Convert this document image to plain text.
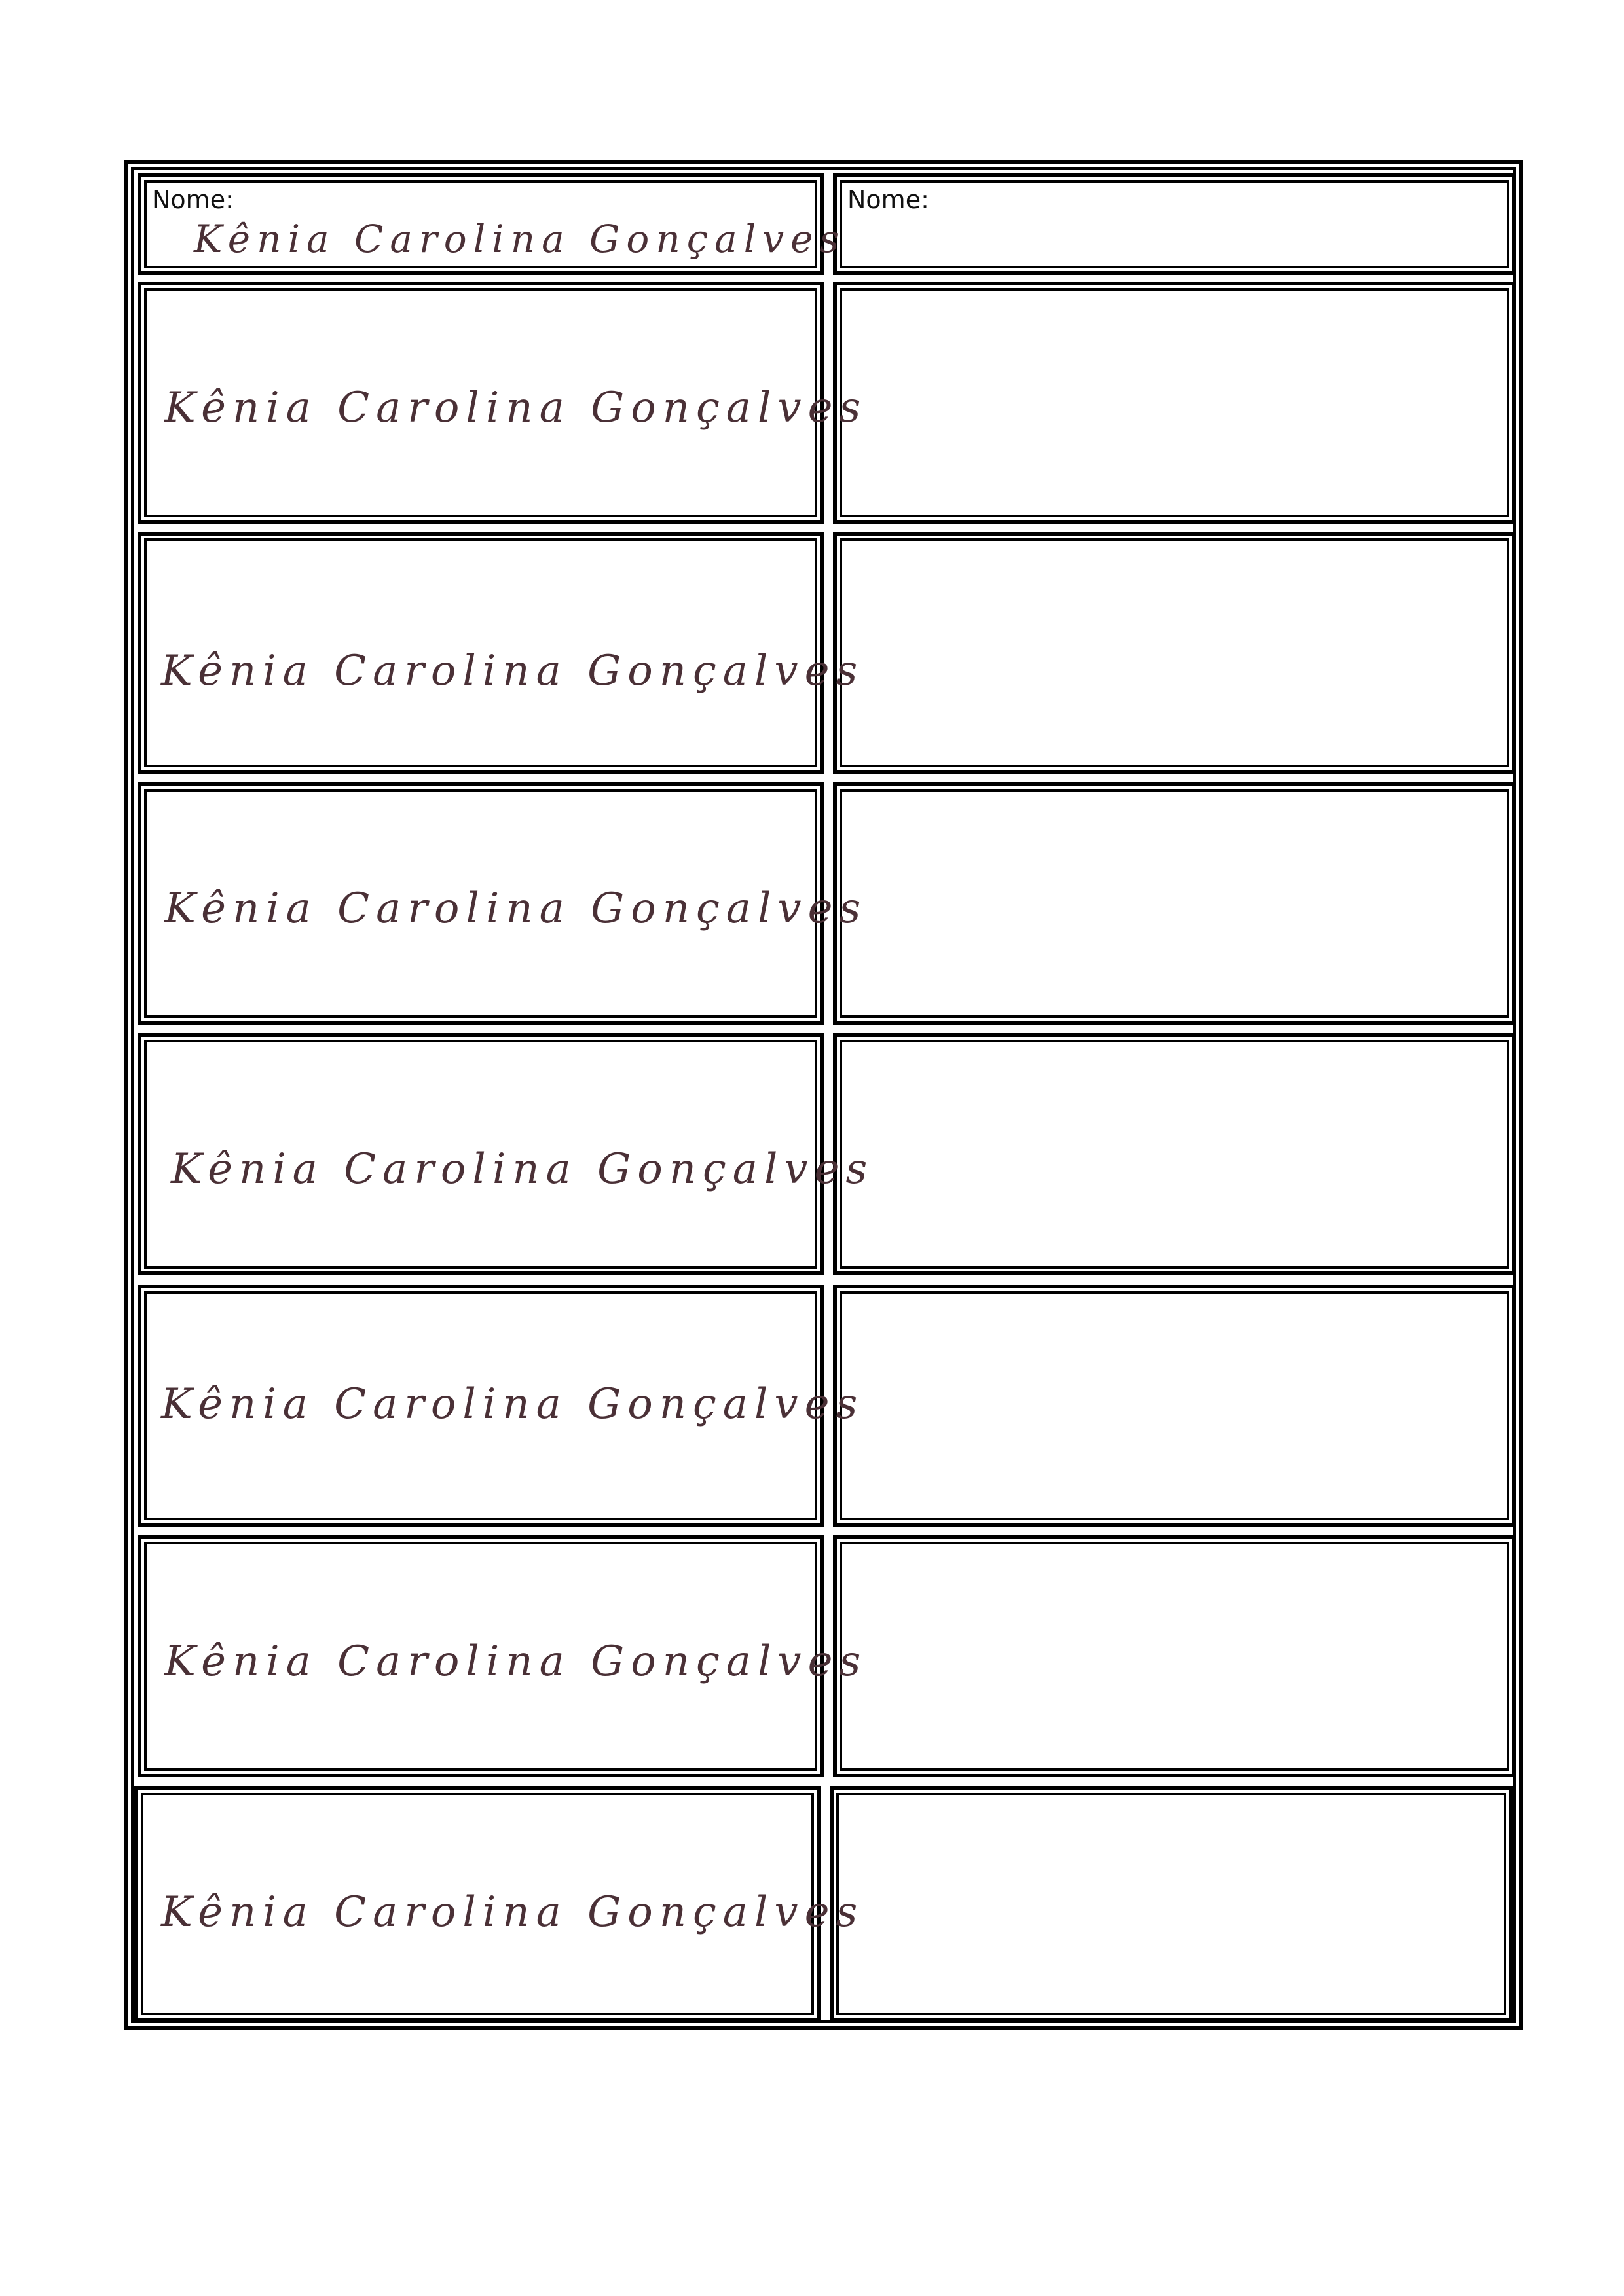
Nome:
Kênia Carolina Gonçalves
Nome:
Kênia Carolina Gonçalves
Kênia Carolina Gonçalves
Kênia Carolina Gonçalves
Kênia Carolina Gonçalves
Kênia Carolina Gonçalves
Kênia Carolina Gonçalves
Kênia Carolina Gonçalves
